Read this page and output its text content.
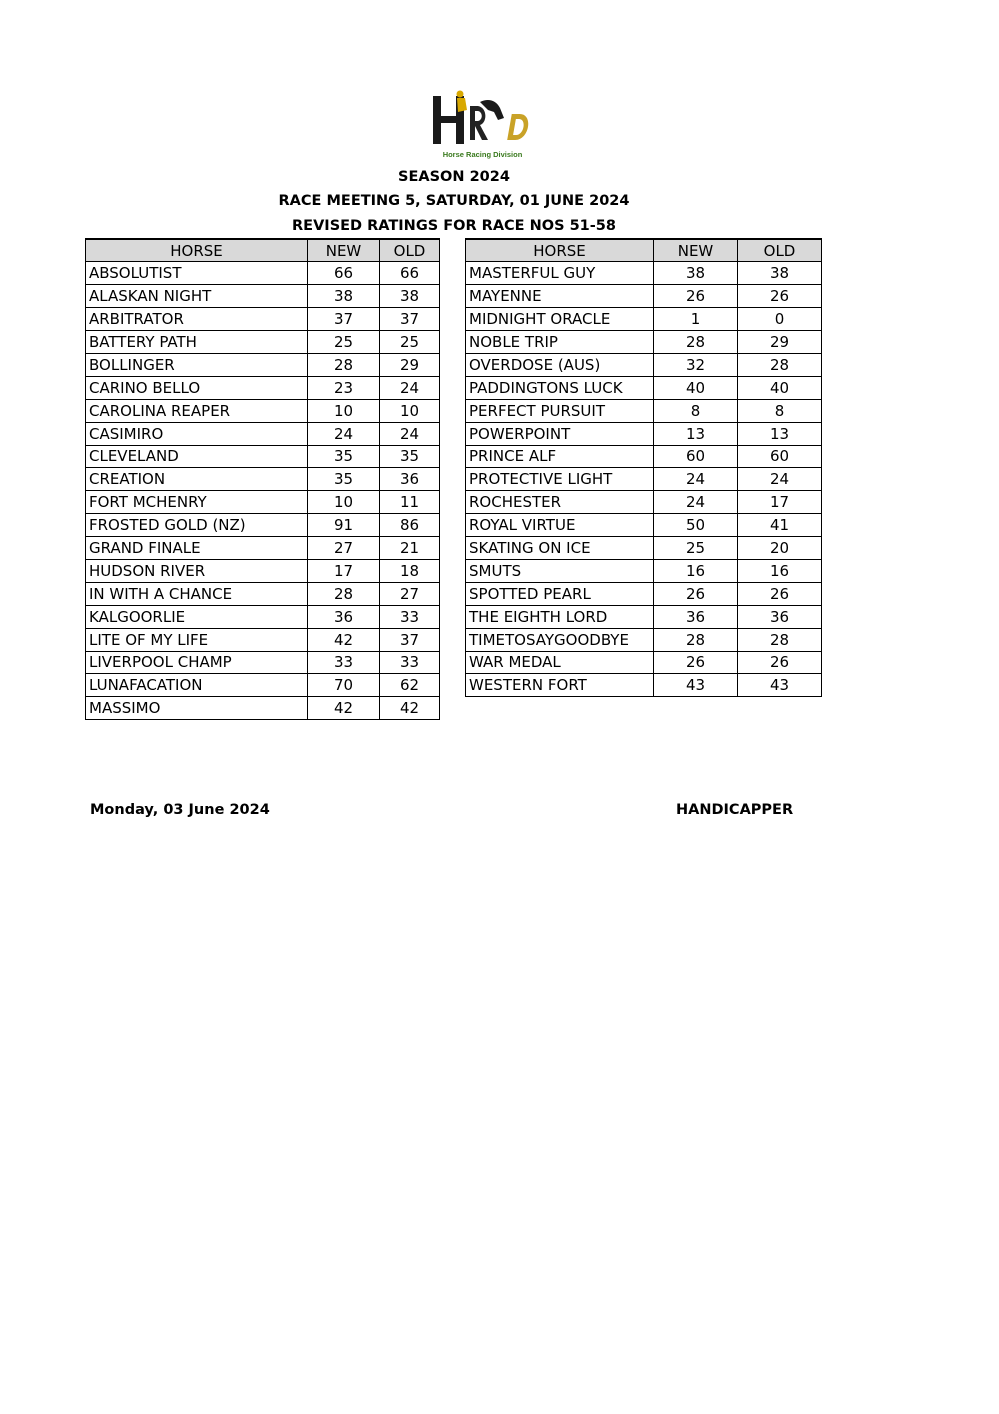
Horse Racing Division
SEASON 2024
RACE MEETING 5, SATURDAY, 01 JUNE 2024
REVISED RATINGS FOR RACE NOS 51-58
HORSE	NEW	OLD
ABSOLUTIST	66	66
ALASKAN NIGHT	38	38
ARBITRATOR	37	37
BATTERY PATH	25	25
BOLLINGER	28	29
CARINO BELLO	23	24
CAROLINA REAPER	10	10
CASIMIRO	24	24
CLEVELAND	35	35
CREATION	35	36
FORT MCHENRY	10	11
FROSTED GOLD (NZ)	91	86
GRAND FINALE	27	21
HUDSON RIVER	17	18
IN WITH A CHANCE	28	27
KALGOORLIE	36	33
LITE OF MY LIFE	42	37
LIVERPOOL CHAMP	33	33
LUNAFACATION	70	62
MASSIMO	42	42
HORSE	NEW	OLD
MASTERFUL GUY	38	38
MAYENNE	26	26
MIDNIGHT ORACLE	1	0
NOBLE TRIP	28	29
OVERDOSE (AUS)	32	28
PADDINGTONS LUCK	40	40
PERFECT PURSUIT	8	8
POWERPOINT	13	13
PRINCE ALF	60	60
PROTECTIVE LIGHT	24	24
ROCHESTER	24	17
ROYAL VIRTUE	50	41
SKATING ON ICE	25	20
SMUTS	16	16
SPOTTED PEARL	26	26
THE EIGHTH LORD	36	36
TIMETOSAYGOODBYE	28	28
WAR MEDAL	26	26
WESTERN FORT	43	43
Monday, 03 June 2024	HANDICAPPER
